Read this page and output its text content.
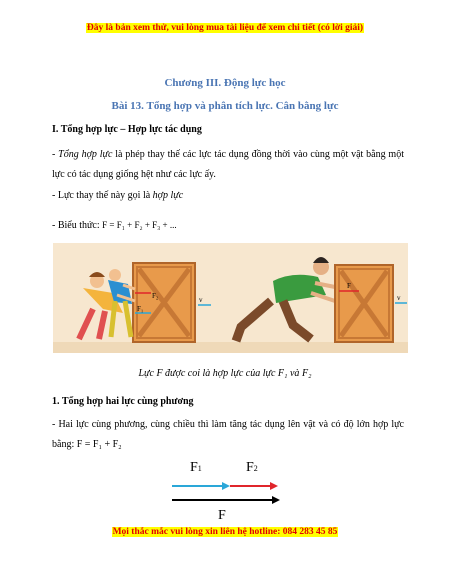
Đây là bản xem thử, vui lòng mua tài liệu để xem chi tiết (có lời giải)
Chương III. Động lực học
Bài 13. Tổng hợp và phân tích lực. Cân bằng lực
I. Tổng hợp lực – Hợp lực tác dụng
- Tổng hợp lực là phép thay thế các lực tác dụng đồng thời vào cùng một vật bằng một lực có tác dụng giống hệt như các lực ấy.
- Lực thay thế này gọi là hợp lực
- Biểu thức: F = F₁ + F₂ + F₃ + ...
F₂
F₁
v
F
v
Lực F được coi là hợp lực của lực F₁ và F₂
1. Tổng hợp hai lực cùng phương
- Hai lực cùng phương, cùng chiều thì làm tăng tác dụng lên vật và có độ lớn hợp lực bằng: F = F₁ + F₂
F1	F2
F
Mọi thắc mắc vui lòng xin liên hệ hotline: 084 283 45 85
